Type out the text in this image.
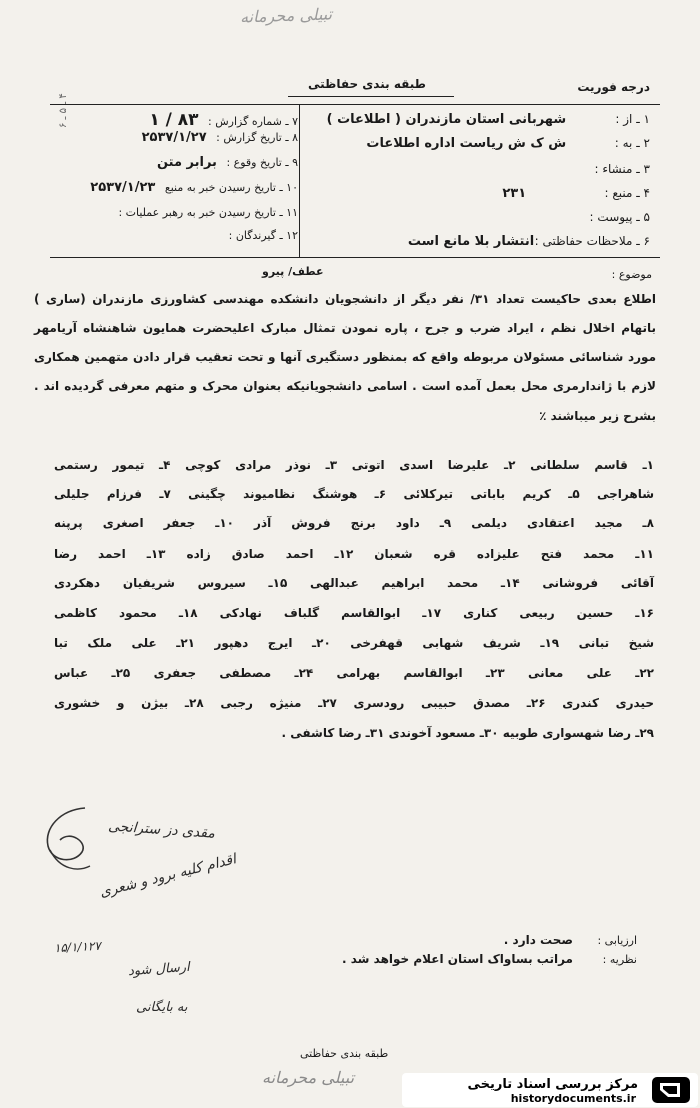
تبیلی محرمانه
طبقه بندی حفاظتی	درجه فوریت
۱ ـ از : شهربانی استان مازندران ( اطلاعات )
۲ ـ به : ش ک ش ریاست اداره اطلاعات
۳ ـ منشاء :
۴ ـ منبع : ۲۳۱
۵ ـ پیوست :
۶ ـ ملاحظات حفاظتی : انتشار بلا مانع است
۷ ـ شماره گزارش : ۸۳ / ۱
۸ ـ تاریخ گزارش : ۲۵۳۷/۱/۲۷
۹ ـ تاریخ وقوع : برابر متن
۱۰ ـ تاریخ رسیدن خبر به منبع ۲۵۳۷/۱/۲۳
۱۱ ـ تاریخ رسیدن خبر به رهبر عملیات :
۱۲ ـ گیرندگان :
۴ ـ ۵ ـ ۶
موضوع :
عطف/ پیرو
اطلاع بعدی حاکیست تعداد ۳۱/ نفر دیگر از دانشجویان دانشکده مهندسی کشاورزی مازندران (ساری )
باتهام اخلال نظم ، ایراد ضرب و جرح ، پاره نمودن تمثال مبارک اعلیحضرت همایون شاهنشاه آریامهر
مورد شناسائی مسئولان مربوطه واقع که بمنظور دستگیری آنها و تحت تعقیب قرار دادن متهمین همکاری
لازم با ژاندارمری محل بعمل آمده است . اسامی دانشجویانیکه بعنوان محرک و متهم معرفی گردیده اند .
بشرح زیر میباشند ٪
۱ـ قاسم سلطانی ۲ـ علیرضا اسدی اتوتی ۳ـ نوذر مرادی کوچی ۴ـ تیمور رستمی
شاهراجی ۵ـ کریم باباتی تیرکلائی ۶ـ هوشنگ نظامیوند چگینی ۷ـ فرزام جلیلی
۸ـ مجید اعتقادی دیلمی ۹ـ داود برنج فروش آذر ۱۰ـ جعفر اصغری پرپنه
۱۱ـ محمد فتح علیزاده قره شعبان ۱۲ـ احمد صادق زاده ۱۳ـ احمد رضا
آقائی فروشانی ۱۴ـ محمد ابراهیم عبدالهی ۱۵ـ سیروس شریفیان دهکردی
۱۶ـ حسین ربیعی کناری ۱۷ـ ابوالقاسم گلباف نهادکی ۱۸ـ محمود کاظمی
شیخ تبانی ۱۹ـ شریف شهابی قهفرخی ۲۰ـ ایرج دهپور ۲۱ـ علی ملک تبا
۲۲ـ علی معانی ۲۳ـ ابوالقاسم بهرامی ۲۴ـ مصطفی جعفری ۲۵ـ عباس
حیدری کندری ۲۶ـ مصدق حبیبی رودسری ۲۷ـ منیژه رجبی ۲۸ـ بیژن و خشوری
۲۹ـ رضا شهسواری طوبیه ۳۰ـ مسعود آخوندی ۳۱ـ رضا کاشفی .
مقدی دز سترانجی
اقدام کلیه برود و شعری
۱۵/۱/۱۲۷
ارسال شود
به بایگانی
ارزیابی :
صحت دارد .
نظریه :
مراتب بساواک استان اعلام خواهد شد .
طبقه بندی حفاظتی
تبیلی محرمانه	مرکز بررسی اسناد تاریخی
historydocuments.ir
